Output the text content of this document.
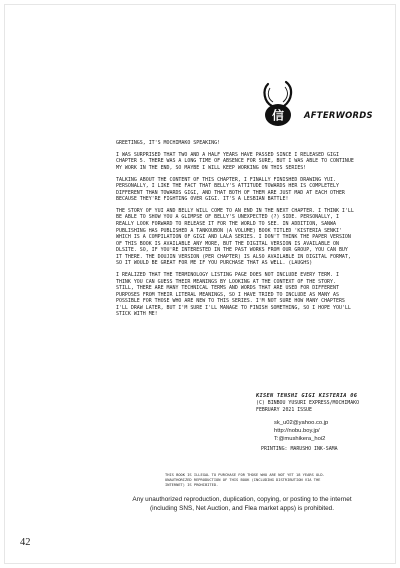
信 AFTERWORDS

GREETINGS, IT'S MOCHIMAKO SPEAKING!

I WAS SURPRISED THAT TWO AND A HALF YEARS HAVE PASSED SINCE I RELEASED GIGI CHAPTER 5. THERE WAS A LONG TIME OF ABSENCE FOR SURE, BUT I WAS ABLE TO CONTINUE MY WORK IN THE END, SO MAYBE I WILL KEEP WORKING ON THIS SERIES!

TALKING ABOUT THE CONTENT OF THIS CHAPTER, I FINALLY FINISHED DRAWING YUI. PERSONALLY, I LIKE THE FACT THAT BELLY'S ATTITUDE TOWARDS HER IS COMPLETELY DIFFERENT THAN TOWARDS GIGI, AND THAT BOTH OF THEM ARE JUST MAD AT EACH OTHER BECAUSE THEY'RE FIGHTING OVER GIGI. IT'S A LESBIAN BATTLE!

THE STORY OF YUI AND BELLY WILL COME TO AN END IN THE NEXT CHAPTER. I THINK I'LL BE ABLE TO SHOW YOU A GLIMPSE OF BELLY'S UNEXPECTED (?) SIDE. PERSONALLY, I REALLY LOOK FORWARD TO RELEASE IT FOR THE WORLD TO SEE. IN ADDITION, SANWA PUBLISHING HAS PUBLISHED A TANKOUBON (A VOLUME) BOOK TITLED 'KISTERIA SENKI' WHICH IS A COMPILATION OF GIGI AND LALA SERIES. I DON'T THINK THE PAPER VERSION OF THIS BOOK IS AVAILABLE ANY MORE, BUT THE DIGITAL VERSION IS AVAILABLE ON DLSITE. SO, IF YOU'RE INTERESTED IN THE PAST WORKS FROM OUR GROUP, YOU CAN BUY IT THERE. THE DOUJIN VERSION (PER CHAPTER) IS ALSO AVAILABLE IN DIGITAL FORMAT, SO IT WOULD BE GREAT FOR ME IF YOU PURCHASE THAT AS WELL. (LAUGHS)

I REALIZED THAT THE TERMINOLOGY LISTING PAGE DOES NOT INCLUDE EVERY TERM. I THINK YOU CAN GUESS THEIR MEANINGS BY LOOKING AT THE CONTEXT OF THE STORY. STILL, THERE ARE MANY TECHNICAL TERMS AND WORDS THAT ARE USED FOR DIFFERENT PURPOSES FROM THEIR LITERAL MEANINGS, SO I HAVE TRIED TO INCLUDE AS MANY AS POSSIBLE FOR THOSE WHO ARE NEW TO THIS SERIES. I'M NOT SURE HOW MANY CHAPTERS I'LL DRAW LATER, BUT I'M SURE I'LL MANAGE TO FINISH SOMETHING, SO I HOPE YOU'LL STICK WITH ME!

KISEN TENSHI GIGI KISTERIA 06
(C) BINBOU YUSURI EXPRESS/MOCHIMAKO
FEBRUARY 2021 ISSUE
sk_u02@yahoo.co.jp
http://nobu.boy.jp/
T:@mushikera_hoi2
PRINTING: MARUSHO INK-SAMA
THIS BOOK IS ILLEGAL TO PURCHASE FOR THOSE WHO ARE NOT YET 18 YEARS OLD.
UNAUTHORIZED REPRODUCTION OF THIS BOOK (INCLUDING DISTRIBUTION VIA THE
INTERNET) IS PROHIBITED.
Any unauthorized reproduction, duplication, copying, or posting to the internet
(including SNS, Net Auction, and Flea market apps) is prohibited.
42
